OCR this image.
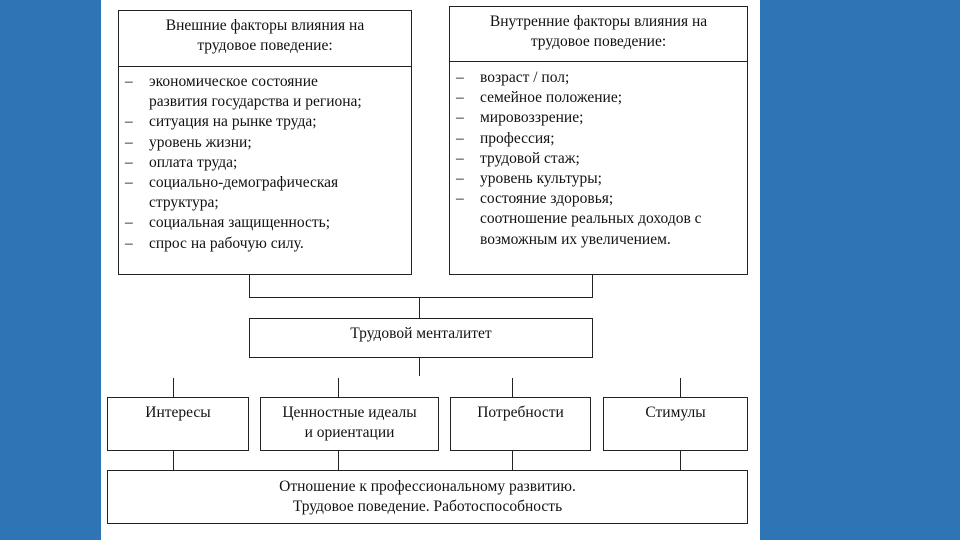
Внешние факторы влияния на
трудовое поведение:
– экономическое состояние
развития государства и региона;
– ситуация на рынке труда;
– уровень жизни;
– оплата труда;
– социально-демографическая
структура;
– социальная защищенность;
– спрос на рабочую силу.
Внутренние факторы влияния на
трудовое поведение:
– возраст / пол;
– семейное положение;
– мировоззрение;
– профессия;
– трудовой стаж;
– уровень культуры;
– состояние здоровья;
соотношение реальных доходов с
возможным их увеличением.
Трудовой менталитет
Интересы	Ценностные идеалы
и ориентации
Потребности	Стимулы
Отношение к профессиональному развитию.
Трудовое поведение. Работоспособность
